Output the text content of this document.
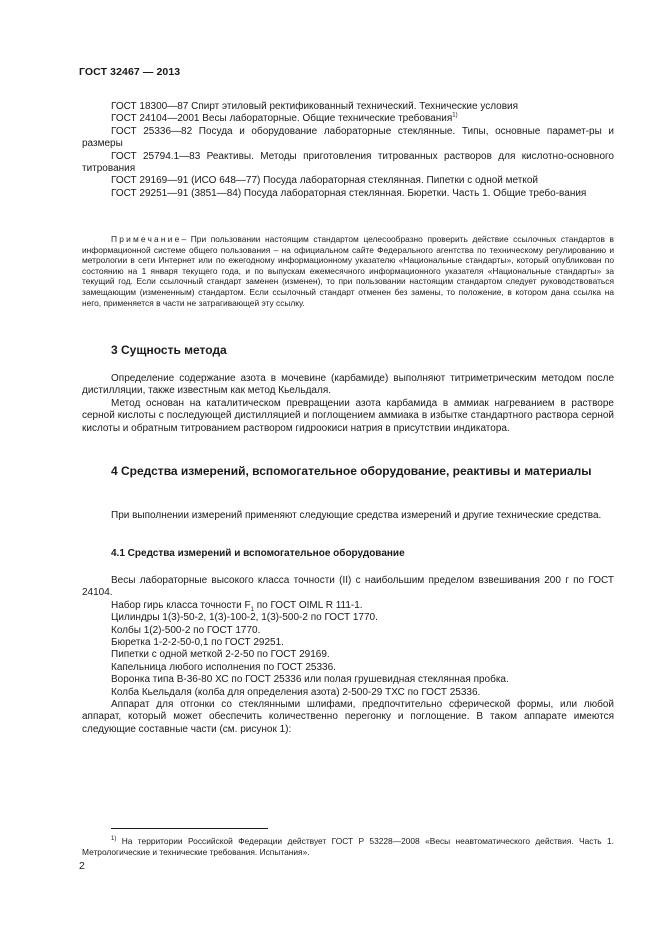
ГОСТ 32467 — 2013

ГОСТ 18300—87 Спирт этиловый ректификованный технический. Технические условия

ГОСТ 24104—2001 Весы лабораторные. Общие технические требования$^{1)}$

ГОСТ 25336—82 Посуда и оборудование лабораторные стеклянные. Типы, основные парамет-ры и размеры

ГОСТ 25794.1—83 Реактивы. Методы приготовления титрованных растворов для кислотно-основного титрования

ГОСТ 29169—91 (ИСО 648—77) Посуда лабораторная стеклянная. Пипетки с одной меткой

ГОСТ 29251—91 (3851—84) Посуда лабораторная стеклянная. Бюретки. Часть 1. Общие требо-вания

Примечание– При пользовании настоящим стандартом целесообразно проверить действие ссылочных стандартов в информационной системе общего пользования – на официальном сайте Федерального агентства по техническому регулированию и метрологии в сети Интернет или по ежегодному информационному указателю «Национальные стандарты», который опубликован по состоянию на 1 января текущего года, и по выпускам ежемесячного информационного указателя «Национальные стандарты» за текущий год. Если ссылочный стандарт заменен (изменен), то при пользовании настоящим стандартом следует руководствоваться замещающим (измененным) стандартом. Если ссылочный стандарт отменен без замены, то положение, в котором дана ссылка на него, применяется в части не затрагивающей эту ссылку.

3 Сущность метода

Определение содержание азота в мочевине (карбамиде) выполняют титриметрическим методом после дистилляции, также известным как метод Кьельдаля.

Метод основан на каталитическом превращении азота карбамида в аммиак нагреванием в растворе серной кислоты с последующей дистилляцией и поглощением аммиака в избытке стандартного раствора серной кислоты и обратным титрованием раствором гидроокиси натрия в присутствии индикатора.

4 Средства измерений, вспомогательное оборудование, реактивы и материалы

При выполнении измерений применяют следующие средства измерений и другие технические средства.

4.1 Средства измерений и вспомогательное оборудование

Весы лабораторные высокого класса точности (II) с наибольшим пределом взвешивания 200 г по ГОСТ 24104.

Набор гирь класса точности $F_1$ по ГОСТ OIML R 111-1.

Цилиндры 1(3)-50-2, 1(3)-100-2, 1(3)-500-2 по ГОСТ 1770.

Колбы 1(2)-500-2 по ГОСТ 1770.

Бюретка 1-2-2-50-0,1 по ГОСТ 29251.

Пипетки с одной меткой 2-2-50 по ГОСТ 29169.

Капельница любого исполнения по ГОСТ 25336.

Воронка типа В-36-80 ХС по ГОСТ 25336 или полая грушевидная стеклянная пробка.

Колба Кьельдаля (колба для определения азота) 2-500-29 ТХС по ГОСТ 25336.

Аппарат для отгонки со стеклянными шлифами, предпочтительно сферической формы, или любой аппарат, который может обеспечить количественно перегонку и поглощение. В таком аппарате имеются следующие составные части (см. рисунок 1):

$^{1)}$ На территории Российской Федерации действует ГОСТ Р 53228—2008 «Весы неавтоматического действия. Часть 1. Метрологические и технические требования. Испытания».

2
